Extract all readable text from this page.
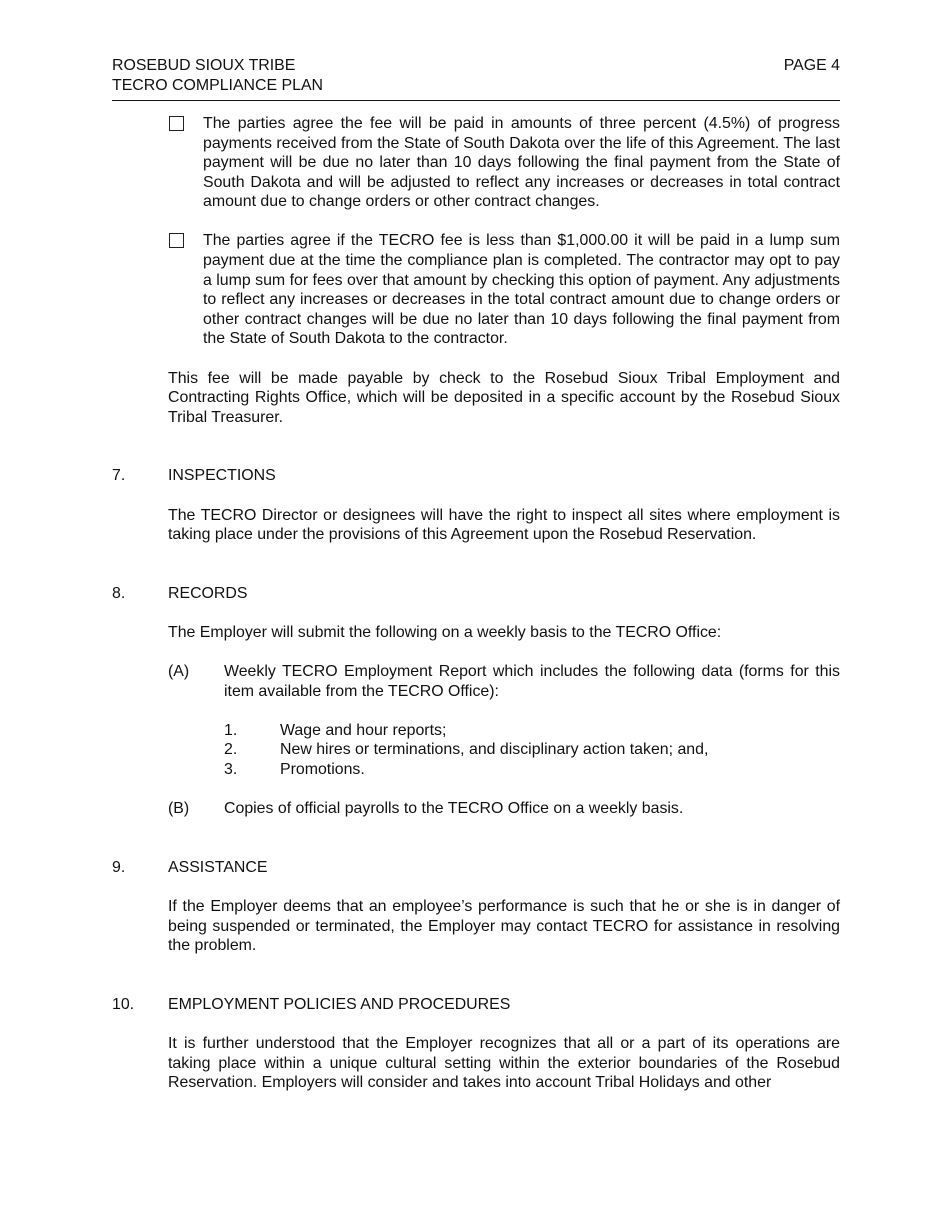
ROSEBUD SIOUX TRIBE
TECRO COMPLIANCE PLAN
PAGE 4
The parties agree the fee will be paid in amounts of three percent (4.5%) of progress payments received from the State of South Dakota over the life of this Agreement. The last payment will be due no later than 10 days following the final payment from the State of South Dakota and will be adjusted to reflect any increases or decreases in total contract amount due to change orders or other contract changes.
The parties agree if the TECRO fee is less than $1,000.00 it will be paid in a lump sum payment due at the time the compliance plan is completed. The contractor may opt to pay a lump sum for fees over that amount by checking this option of payment. Any adjustments to reflect any increases or decreases in the total contract amount due to change orders or other contract changes will be due no later than 10 days following the final payment from the State of South Dakota to the contractor.
This fee will be made payable by check to the Rosebud Sioux Tribal Employment and Contracting Rights Office, which will be deposited in a specific account by the Rosebud Sioux Tribal Treasurer.
7.	INSPECTIONS
The TECRO Director or designees will have the right to inspect all sites where employment is taking place under the provisions of this Agreement upon the Rosebud Reservation.
8.	RECORDS
The Employer will submit the following on a weekly basis to the TECRO Office:
(A) Weekly TECRO Employment Report which includes the following data (forms for this item available from the TECRO Office):
1.	Wage and hour reports;
2.	New hires or terminations, and disciplinary action taken; and,
3.	Promotions.
(B) Copies of official payrolls to the TECRO Office on a weekly basis.
9.	ASSISTANCE
If the Employer deems that an employee’s performance is such that he or she is in danger of being suspended or terminated, the Employer may contact TECRO for assistance in resolving the problem.
10. EMPLOYMENT POLICIES AND PROCEDURES
It is further understood that the Employer recognizes that all or a part of its operations are taking place within a unique cultural setting within the exterior boundaries of the Rosebud Reservation. Employers will consider and takes into account Tribal Holidays and other
